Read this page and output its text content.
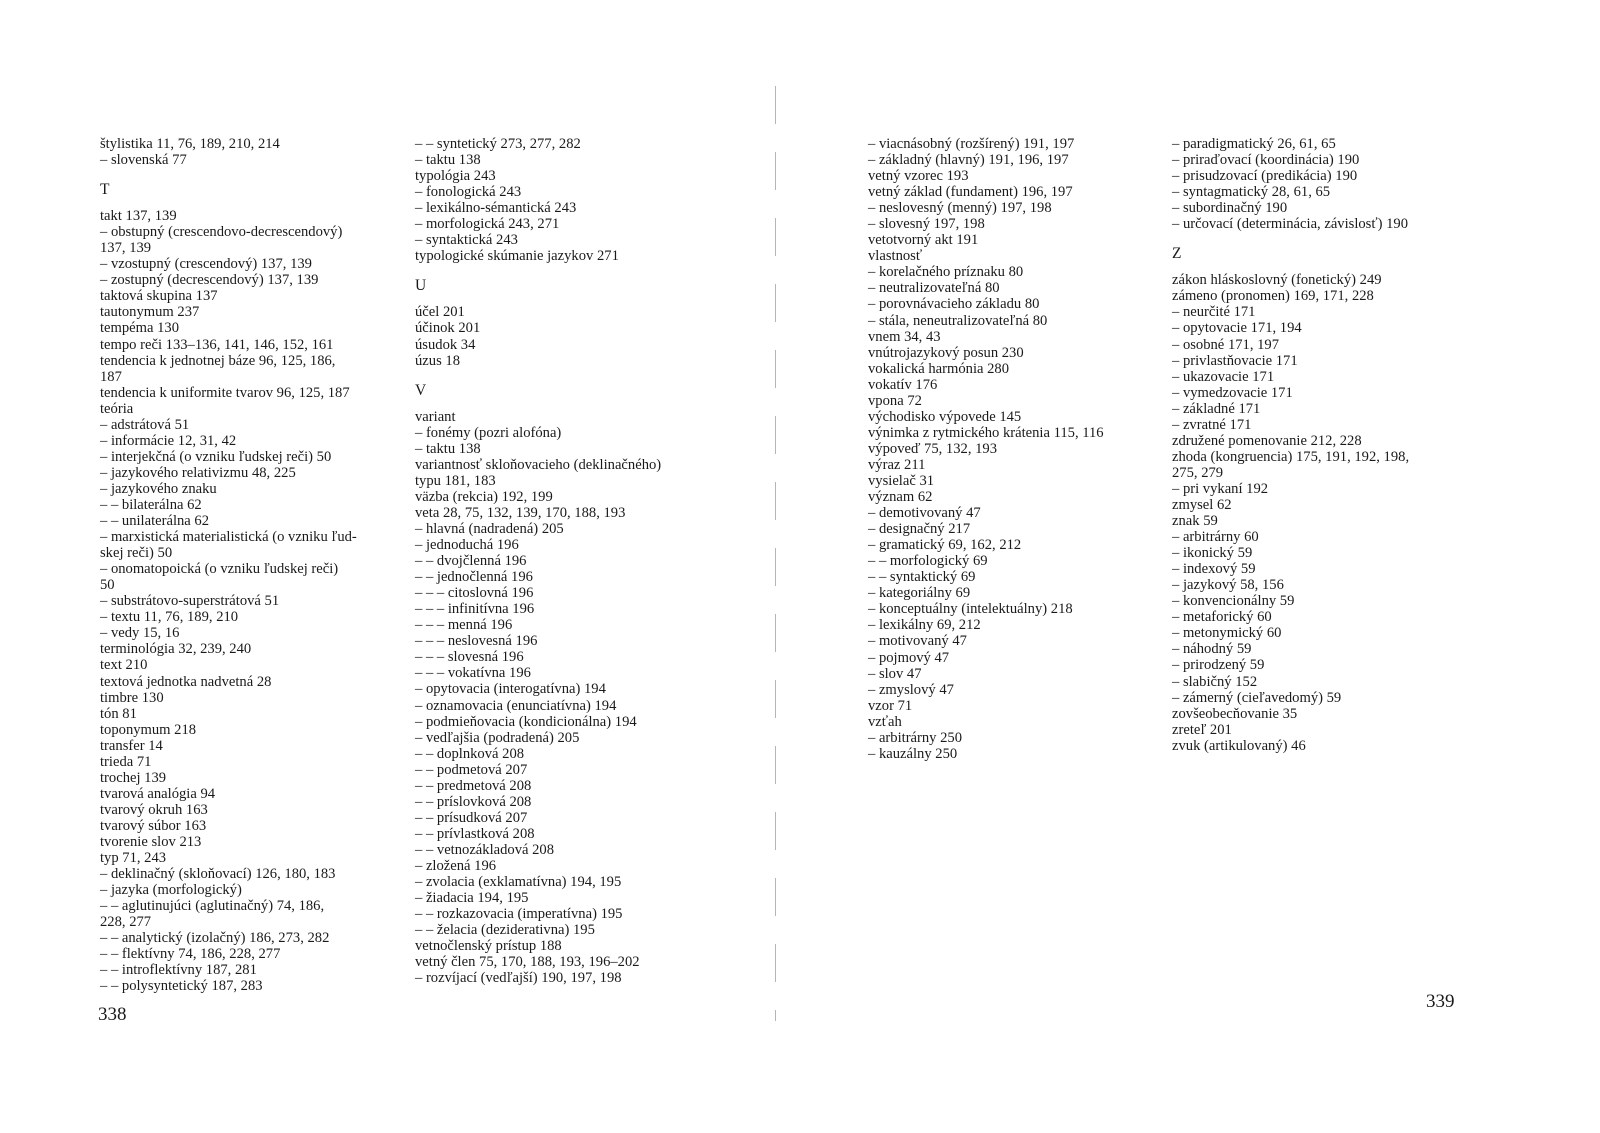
štylistika 11, 76, 189, 210, 214
– slovenská 77
T
takt 137, 139
– obstupný (crescendovo-decrescendový)
137, 139
– vzostupný (crescendový) 137, 139
– zostupný (decrescendový) 137, 139
taktová skupina 137
tautonymum 237
tempéma 130
tempo reči 133–136, 141, 146, 152, 161
tendencia k jednotnej báze 96, 125, 186,
187
tendencia k uniformite tvarov 96, 125, 187
teória
– adstrátová 51
– informácie 12, 31, 42
– interjekčná (o vzniku ľudskej reči) 50
– jazykového relativizmu 48, 225
– jazykového znaku
– – bilaterálna 62
– – unilaterálna 62
– marxistická materialistická (o vzniku ľud-
skej reči) 50
– onomatopoická (o vzniku ľudskej reči)
50
– substrátovo-superstrátová 51
– textu 11, 76, 189, 210
– vedy 15, 16
terminológia 32, 239, 240
text 210
textová jednotka nadvetná 28
timbre 130
tón 81
toponymum 218
transfer 14
trieda 71
trochej 139
tvarová analógia 94
tvarový okruh 163
tvarový súbor 163
tvorenie slov 213
typ 71, 243
– deklinačný (skloňovací) 126, 180, 183
– jazyka (morfologický)
– – aglutinujúci (aglutinačný) 74, 186,
228, 277
– – analytický (izolačný) 186, 273, 282
– – flektívny 74, 186, 228, 277
– – introflektívny 187, 281
– – polysyntetický 187, 283
– – syntetický 273, 277, 282
– taktu 138
typológia 243
– fonologická 243
– lexikálno-sémantická 243
– morfologická 243, 271
– syntaktická 243
typologické skúmanie jazykov 271
U
účel 201
účinok 201
úsudok 34
úzus 18
V
variant
– fonémy (pozri alofóna)
– taktu 138
variantnosť skloňovacieho (deklinačného)
typu 181, 183
väzba (rekcia) 192, 199
veta 28, 75, 132, 139, 170, 188, 193
– hlavná (nadradená) 205
– jednoduchá 196
– – dvojčlenná 196
– – jednočlenná 196
– – – citoslovná 196
– – – infinitívna 196
– – – menná 196
– – – neslovesná 196
– – – slovesná 196
– – – vokatívna 196
– opytovacia (interogatívna) 194
– oznamovacia (enunciatívna) 194
– podmieňovacia (kondicionálna) 194
– vedľajšia (podradená) 205
– – doplnková 208
– – podmetová 207
– – predmetová 208
– – príslovková 208
– – prísudková 207
– – prívlastková 208
– – vetnozákladová 208
– zložená 196
– zvolacia (exklamatívna) 194, 195
– žiadacia 194, 195
– – rozkazovacia (imperatívna) 195
– – želacia (deziderativna) 195
vetnočlenský prístup 188
vetný člen 75, 170, 188, 193, 196–202
– rozvíjací (vedľajší) 190, 197, 198
338
– viacnásobný (rozšírený) 191, 197
– základný (hlavný) 191, 196, 197
vetný vzorec 193
vetný základ (fundament) 196, 197
– neslovesný (menný) 197, 198
– slovesný 197, 198
vetotvorný akt 191
vlastnosť
– korelačného príznaku 80
– neutralizovateľná 80
– porovnávacieho základu 80
– stála, neneutralizovateľná 80
vnem 34, 43
vnútrojazykový posun 230
vokalická harmónia 280
vokatív 176
vpona 72
východisko výpovede 145
výnimka z rytmického krátenia 115, 116
výpoveď 75, 132, 193
výraz 211
vysielač 31
význam 62
– demotivovaný 47
– designačný 217
– gramatický 69, 162, 212
– – morfologický 69
– – syntaktický 69
– kategoriálny 69
– konceptuálny (intelektuálny) 218
– lexikálny 69, 212
– motivovaný 47
– pojmový 47
– slov 47
– zmyslový 47
vzor 71
vzťah
– arbitrárny 250
– kauzálny 250
– paradigmatický 26, 61, 65
– priraďovací (koordinácia) 190
– prisudzovací (predikácia) 190
– syntagmatický 28, 61, 65
– subordinačný 190
– určovací (determinácia, závislosť) 190
Z
zákon hláskoslovný (fonetický) 249
zámeno (pronomen) 169, 171, 228
– neurčité 171
– opytovacie 171, 194
– osobné 171, 197
– privlastňovacie 171
– ukazovacie 171
– vymedzovacie 171
– základné 171
– zvratné 171
združené pomenovanie 212, 228
zhoda (kongruencia) 175, 191, 192, 198,
275, 279
– pri vykaní 192
zmysel 62
znak 59
– arbitrárny 60
– ikonický 59
– indexový 59
– jazykový 58, 156
– konvencionálny 59
– metaforický 60
– metonymický 60
– náhodný 59
– prirodzený 59
– slabičný 152
– zámerný (cieľavedomý) 59
zovšeobecňovanie 35
zreteľ 201
zvuk (artikulovaný) 46
339
